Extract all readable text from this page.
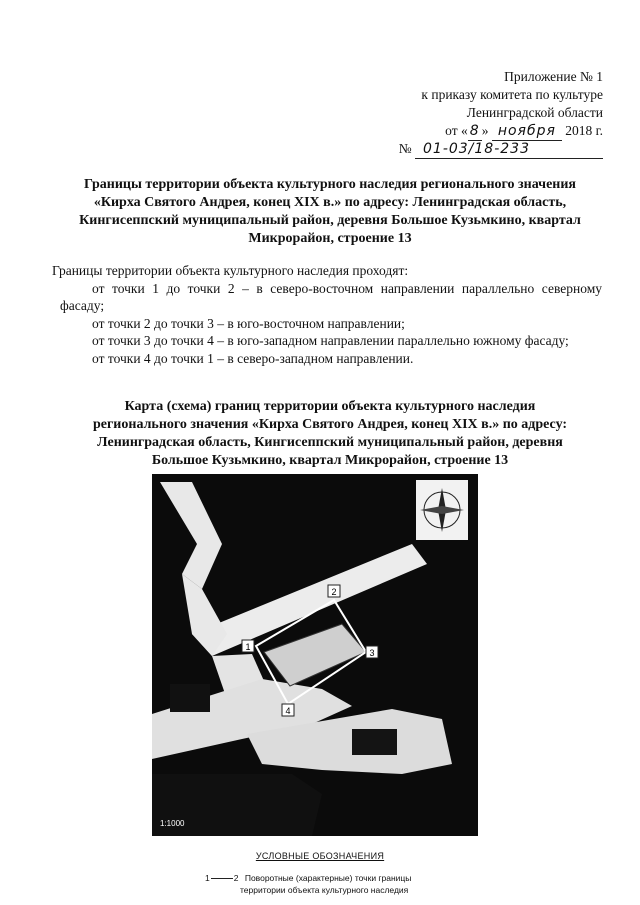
Приложение № 1
к приказу комитета по культуре
Ленинградской области
от « 8 » ноября 2018 г.
№ 01-03/18-233
Границы территории объекта культурного наследия регионального значения
«Кирха Святого Андрея, конец XIX в.» по адресу: Ленинградская область,
Кингисеппский муниципальный район, деревня Большое Кузьмкино, квартал
Микрорайон, строение 13
Границы территории объекта культурного наследия проходят:
от точки 1 до точки 2 – в северо-восточном направлении параллельно северному фасаду;
от точки 2 до точки 3 – в юго-восточном направлении;
от точки 3 до точки 4 – в юго-западном направлении параллельно южному фасаду;
от точки 4 до точки 1 – в северо-западном направлении.
Карта (схема) границ территории объекта культурного наследия
регионального значения «Кирха Святого Андрея, конец XIX в.» по адресу:
Ленинградская область, Кингисеппский муниципальный район, деревня
Большое Кузьмкино, квартал Микрорайон, строение 13
1
2
3
4
1:1000
УСЛОВНЫЕ ОБОЗНАЧЕНИЯ
1	2 Поворотные (характерные) точки границы
территории объекта культурного наследия
